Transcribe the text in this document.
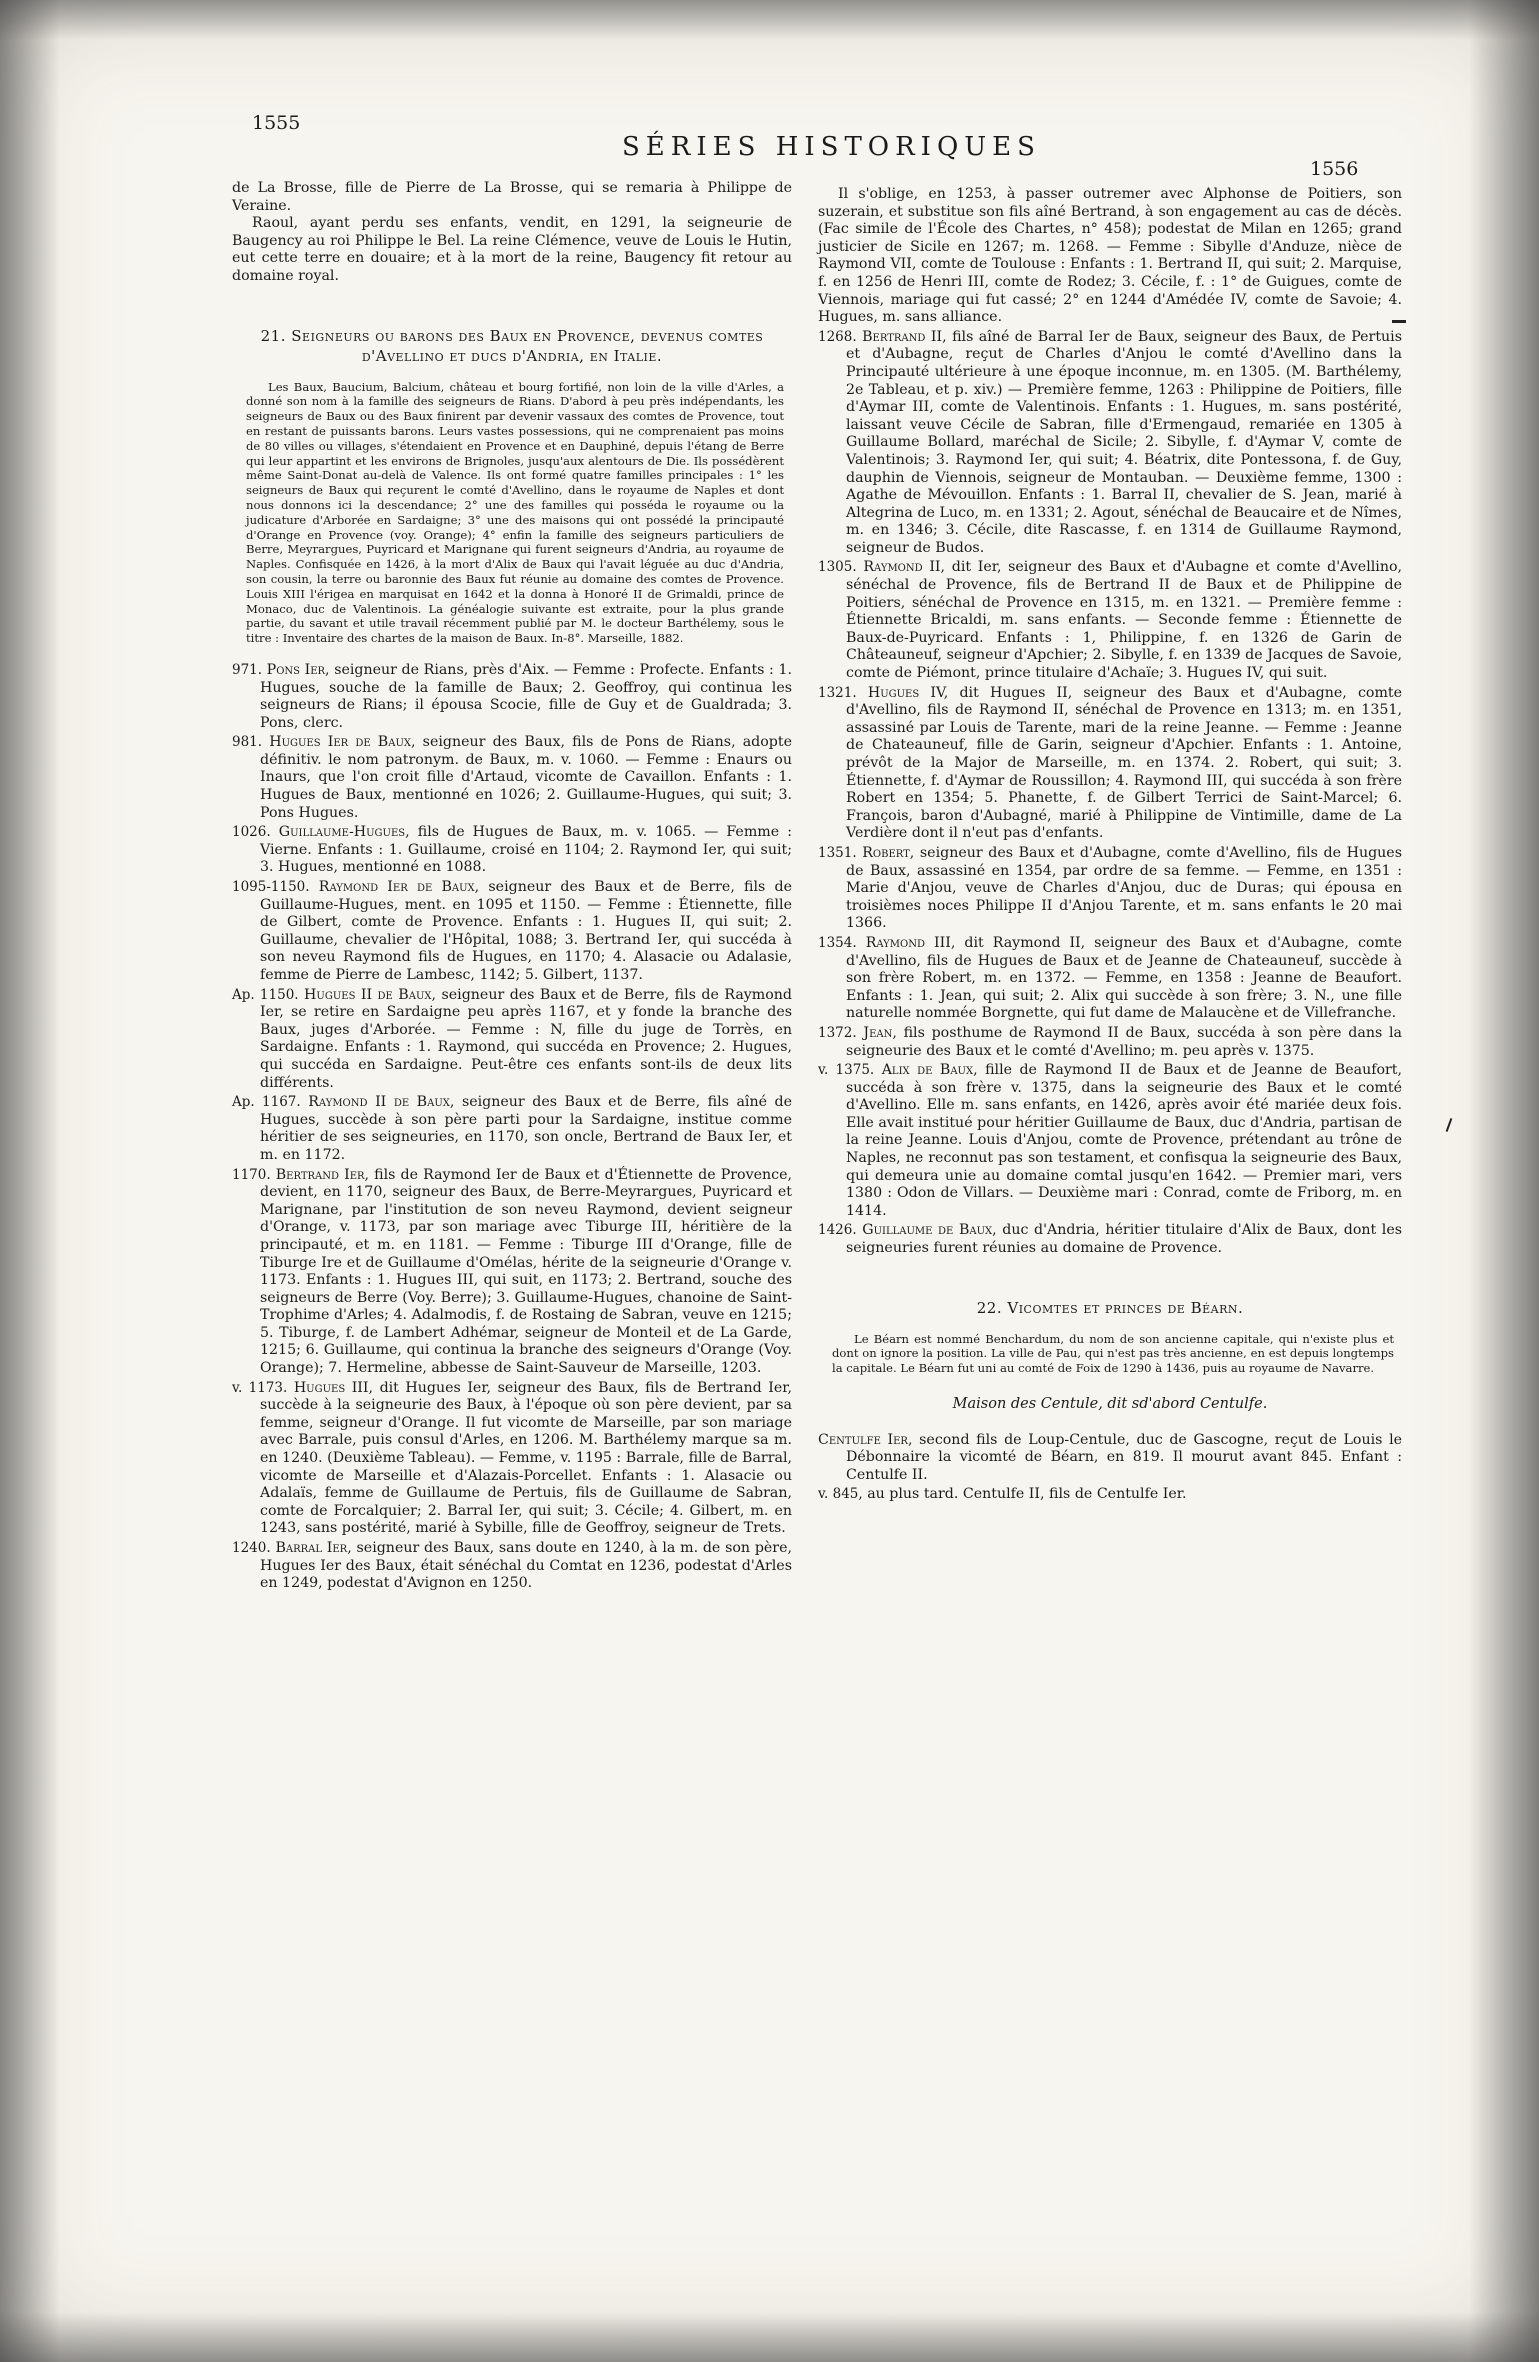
1555
SÉRIES HISTORIQUES
1556

de La Brosse, fille de Pierre de La Brosse, qui se remaria à Philippe de Veraine.

Raoul, ayant perdu ses enfants, vendit, en 1291, la seigneurie de Baugency au roi Philippe le Bel. La reine Clémence, veuve de Louis le Hutin, eut cette terre en douaire; et à la mort de la reine, Baugency fit retour au domaine royal.

21. Seigneurs ou barons des Baux en Provence, devenus comtes d'Avellino et ducs d'Andria, en Italie.

Les Baux, Baucium, Balcium, château et bourg fortifié, non loin de la ville d'Arles, a donné son nom à la famille des seigneurs de Rians. D'abord à peu près indépendants, les seigneurs de Baux ou des Baux finirent par devenir vassaux des comtes de Provence, tout en restant de puissants barons. Leurs vastes possessions, qui ne comprenaient pas moins de 80 villes ou villages, s'étendaient en Provence et en Dauphiné, depuis l'étang de Berre qui leur appartint et les environs de Brignoles, jusqu'aux alentours de Die. Ils possédèrent même Saint-Donat au-delà de Valence. Ils ont formé quatre familles principales : 1° les seigneurs de Baux qui reçurent le comté d'Avellino, dans le royaume de Naples et dont nous donnons ici la descendance; 2° une des familles qui posséda le royaume ou la judicature d'Arborée en Sardaigne; 3° une des maisons qui ont possédé la principauté d'Orange en Provence (voy. Orange); 4° enfin la famille des seigneurs particuliers de Berre, Meyrargues, Puyricard et Marignane qui furent seigneurs d'Andria, au royaume de Naples. Confisquée en 1426, à la mort d'Alix de Baux qui l'avait léguée au duc d'Andria, son cousin, la terre ou baronnie des Baux fut réunie au domaine des comtes de Provence. Louis XIII l'érigea en marquisat en 1642 et la donna à Honoré II de Grimaldi, prince de Monaco, duc de Valentinois. La généalogie suivante est extraite, pour la plus grande partie, du savant et utile travail récemment publié par M. le docteur Barthélemy, sous le titre : Inventaire des chartes de la maison de Baux. In-8°. Marseille, 1882.

971. Pons Ier, seigneur de Rians, près d'Aix. — Femme : Profecte. Enfants : 1. Hugues, souche de la famille de Baux; 2. Geoffroy, qui continua les seigneurs de Rians; il épousa Scocie, fille de Guy et de Gualdrada; 3. Pons, clerc.

981. Hugues Ier de Baux, seigneur des Baux, fils de Pons de Rians, adopte définitiv. le nom patronym. de Baux, m. v. 1060. — Femme : Enaurs ou Inaurs, que l'on croit fille d'Artaud, vicomte de Cavaillon. Enfants : 1. Hugues de Baux, mentionné en 1026; 2. Guillaume-Hugues, qui suit; 3. Pons Hugues.

1026. Guillaume-Hugues, fils de Hugues de Baux, m. v. 1065. — Femme : Vierne. Enfants : 1. Guillaume, croisé en 1104; 2. Raymond Ier, qui suit; 3. Hugues, mentionné en 1088.

1095-1150. Raymond Ier de Baux, seigneur des Baux et de Berre, fils de Guillaume-Hugues, ment. en 1095 et 1150. — Femme : Étiennette, fille de Gilbert, comte de Provence. Enfants : 1. Hugues II, qui suit; 2. Guillaume, chevalier de l'Hôpital, 1088; 3. Bertrand Ier, qui succéda à son neveu Raymond fils de Hugues, en 1170; 4. Alasacie ou Adalasie, femme de Pierre de Lambesc, 1142; 5. Gilbert, 1137.

Ap. 1150. Hugues II de Baux, seigneur des Baux et de Berre, fils de Raymond Ier, se retire en Sardaigne peu après 1167, et y fonde la branche des Baux, juges d'Arborée. — Femme : N, fille du juge de Torrès, en Sardaigne. Enfants : 1. Raymond, qui succéda en Provence; 2. Hugues, qui succéda en Sardaigne. Peut-être ces enfants sont-ils de deux lits différents.

Ap. 1167. Raymond II de Baux, seigneur des Baux et de Berre, fils aîné de Hugues, succède à son père parti pour la Sardaigne, institue comme héritier de ses seigneuries, en 1170, son oncle, Bertrand de Baux Ier, et m. en 1172.

1170. Bertrand Ier, fils de Raymond Ier de Baux et d'Étiennette de Provence, devient, en 1170, seigneur des Baux, de Berre-Meyrargues, Puyricard et Marignane, par l'institution de son neveu Raymond, devient seigneur d'Orange, v. 1173, par son mariage avec Tiburge III, héritière de la principauté, et m. en 1181. — Femme : Tiburge III d'Orange, fille de Tiburge Ire et de Guillaume d'Omélas, hérite de la seigneurie d'Orange v. 1173. Enfants : 1. Hugues III, qui suit, en 1173; 2. Bertrand, souche des seigneurs de Berre (Voy. Berre); 3. Guillaume-Hugues, chanoine de Saint-Trophime d'Arles; 4. Adalmodis, f. de Rostaing de Sabran, veuve en 1215; 5. Tiburge, f. de Lambert Adhémar, seigneur de Monteil et de La Garde, 1215; 6. Guillaume, qui continua la branche des seigneurs d'Orange (Voy. Orange); 7. Hermeline, abbesse de Saint-Sauveur de Marseille, 1203.

v. 1173. Hugues III, dit Hugues Ier, seigneur des Baux, fils de Bertrand Ier, succède à la seigneurie des Baux, à l'époque où son père devient, par sa femme, seigneur d'Orange. Il fut vicomte de Marseille, par son mariage avec Barrale, puis consul d'Arles, en 1206. M. Barthélemy marque sa m. en 1240. (Deuxième Tableau). — Femme, v. 1195 : Barrale, fille de Barral, vicomte de Marseille et d'Alazais-Porcellet. Enfants : 1. Alasacie ou Adalaïs, femme de Guillaume de Pertuis, fils de Guillaume de Sabran, comte de Forcalquier; 2. Barral Ier, qui suit; 3. Cécile; 4. Gilbert, m. en 1243, sans postérité, marié à Sybille, fille de Geoffroy, seigneur de Trets.

1240. Barral Ier, seigneur des Baux, sans doute en 1240, à la m. de son père, Hugues Ier des Baux, était sénéchal du Comtat en 1236, podestat d'Arles en 1249, podestat d'Avignon en 1250.

Il s'oblige, en 1253, à passer outremer avec Alphonse de Poitiers, son suzerain, et substitue son fils aîné Bertrand, à son engagement au cas de décès. (Fac simile de l'École des Chartes, n° 458); podestat de Milan en 1265; grand justicier de Sicile en 1267; m. 1268. — Femme : Sibylle d'Anduze, nièce de Raymond VII, comte de Toulouse : Enfants : 1. Bertrand II, qui suit; 2. Marquise, f. en 1256 de Henri III, comte de Rodez; 3. Cécile, f. : 1° de Guigues, comte de Viennois, mariage qui fut cassé; 2° en 1244 d'Amédée IV, comte de Savoie; 4. Hugues, m. sans alliance.

1268. Bertrand II, fils aîné de Barral Ier de Baux, seigneur des Baux, de Pertuis et d'Aubagne, reçut de Charles d'Anjou le comté d'Avellino dans la Principauté ultérieure à une époque inconnue, m. en 1305. (M. Barthélemy, 2e Tableau, et p. xiv.) — Première femme, 1263 : Philippine de Poitiers, fille d'Aymar III, comte de Valentinois. Enfants : 1. Hugues, m. sans postérité, laissant veuve Cécile de Sabran, fille d'Ermengaud, remariée en 1305 à Guillaume Bollard, maréchal de Sicile; 2. Sibylle, f. d'Aymar V, comte de Valentinois; 3. Raymond Ier, qui suit; 4. Béatrix, dite Pontessona, f. de Guy, dauphin de Viennois, seigneur de Montauban. — Deuxième femme, 1300 : Agathe de Mévouillon. Enfants : 1. Barral II, chevalier de S. Jean, marié à Altegrina de Luco, m. en 1331; 2. Agout, sénéchal de Beaucaire et de Nîmes, m. en 1346; 3. Cécile, dite Rascasse, f. en 1314 de Guillaume Raymond, seigneur de Budos.

1305. Raymond II, dit Ier, seigneur des Baux et d'Aubagne et comte d'Avellino, sénéchal de Provence, fils de Bertrand II de Baux et de Philippine de Poitiers, sénéchal de Provence en 1315, m. en 1321. — Première femme : Étiennette Bricaldi, m. sans enfants. — Seconde femme : Étiennette de Baux-de-Puyricard. Enfants : 1, Philippine, f. en 1326 de Garin de Châteauneuf, seigneur d'Apchier; 2. Sibylle, f. en 1339 de Jacques de Savoie, comte de Piémont, prince titulaire d'Achaïe; 3. Hugues IV, qui suit.

1321. Hugues IV, dit Hugues II, seigneur des Baux et d'Aubagne, comte d'Avellino, fils de Raymond II, sénéchal de Provence en 1313; m. en 1351, assassiné par Louis de Tarente, mari de la reine Jeanne. — Femme : Jeanne de Chateauneuf, fille de Garin, seigneur d'Apchier. Enfants : 1. Antoine, prévôt de la Major de Marseille, m. en 1374. 2. Robert, qui suit; 3. Étiennette, f. d'Aymar de Roussillon; 4. Raymond III, qui succéda à son frère Robert en 1354; 5. Phanette, f. de Gilbert Terrici de Saint-Marcel; 6. François, baron d'Aubagné, marié à Philippine de Vintimille, dame de La Verdière dont il n'eut pas d'enfants.

1351. Robert, seigneur des Baux et d'Aubagne, comte d'Avellino, fils de Hugues de Baux, assassiné en 1354, par ordre de sa femme. — Femme, en 1351 : Marie d'Anjou, veuve de Charles d'Anjou, duc de Duras; qui épousa en troisièmes noces Philippe II d'Anjou Tarente, et m. sans enfants le 20 mai 1366.

1354. Raymond III, dit Raymond II, seigneur des Baux et d'Aubagne, comte d'Avellino, fils de Hugues de Baux et de Jeanne de Chateauneuf, succède à son frère Robert, m. en 1372. — Femme, en 1358 : Jeanne de Beaufort. Enfants : 1. Jean, qui suit; 2. Alix qui succède à son frère; 3. N., une fille naturelle nommée Borgnette, qui fut dame de Malaucène et de Villefranche.

1372. Jean, fils posthume de Raymond II de Baux, succéda à son père dans la seigneurie des Baux et le comté d'Avellino; m. peu après v. 1375.

v. 1375. Alix de Baux, fille de Raymond II de Baux et de Jeanne de Beaufort, succéda à son frère v. 1375, dans la seigneurie des Baux et le comté d'Avellino. Elle m. sans enfants, en 1426, après avoir été mariée deux fois. Elle avait institué pour héritier Guillaume de Baux, duc d'Andria, partisan de la reine Jeanne. Louis d'Anjou, comte de Provence, prétendant au trône de Naples, ne reconnut pas son testament, et confisqua la seigneurie des Baux, qui demeura unie au domaine comtal jusqu'en 1642. — Premier mari, vers 1380 : Odon de Villars. — Deuxième mari : Conrad, comte de Friborg, m. en 1414.

1426. Guillaume de Baux, duc d'Andria, héritier titulaire d'Alix de Baux, dont les seigneuries furent réunies au domaine de Provence.

22. Vicomtes et princes de Béarn.

Le Béarn est nommé Benchardum, du nom de son ancienne capitale, qui n'existe plus et dont on ignore la position. La ville de Pau, qui n'est pas très ancienne, en est depuis longtemps la capitale. Le Béarn fut uni au comté de Foix de 1290 à 1436, puis au royaume de Navarre.

Maison des Centule, dit sd'abord Centulfe.

Centulfe Ier, second fils de Loup-Centule, duc de Gascogne, reçut de Louis le Débonnaire la vicomté de Béarn, en 819. Il mourut avant 845. Enfant : Centulfe II.

v. 845, au plus tard. Centulfe II, fils de Centulfe Ier.
